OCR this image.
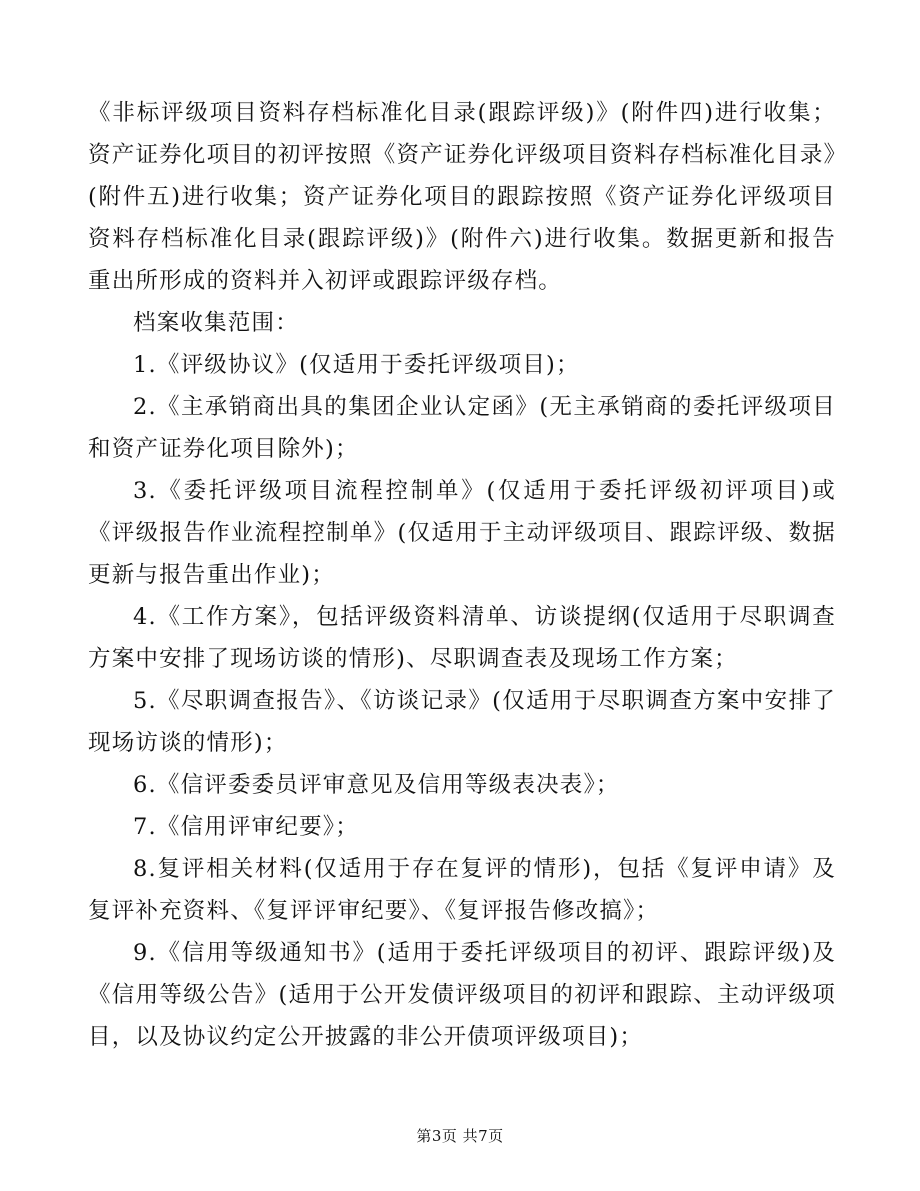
《非标评级项目资料存档标准化目录(跟踪评级)》(附件四)进行收集；资产证券化项目的初评按照《资产证券化评级项目资料存档标准化目录》(附件五)进行收集；资产证券化项目的跟踪按照《资产证券化评级项目资料存档标准化目录(跟踪评级)》(附件六)进行收集。数据更新和报告重出所形成的资料并入初评或跟踪评级存档。

档案收集范围：

1.《评级协议》(仅适用于委托评级项目)；

2.《主承销商出具的集团企业认定函》(无主承销商的委托评级项目和资产证券化项目除外)；

3.《委托评级项目流程控制单》(仅适用于委托评级初评项目)或《评级报告作业流程控制单》(仅适用于主动评级项目、跟踪评级、数据更新与报告重出作业)；

4.《工作方案》，包括评级资料清单、访谈提纲(仅适用于尽职调查方案中安排了现场访谈的情形)、尽职调查表及现场工作方案；

5.《尽职调查报告》、《访谈记录》(仅适用于尽职调查方案中安排了现场访谈的情形)；

6.《信评委委员评审意见及信用等级表决表》；

7.《信用评审纪要》；

8.复评相关材料(仅适用于存在复评的情形)，包括《复评申请》及复评补充资料、《复评评审纪要》、《复评报告修改搞》；

9.《信用等级通知书》(适用于委托评级项目的初评、跟踪评级)及《信用等级公告》(适用于公开发债评级项目的初评和跟踪、主动评级项目，以及协议约定公开披露的非公开债项评级项目)；

第3页 共7页
